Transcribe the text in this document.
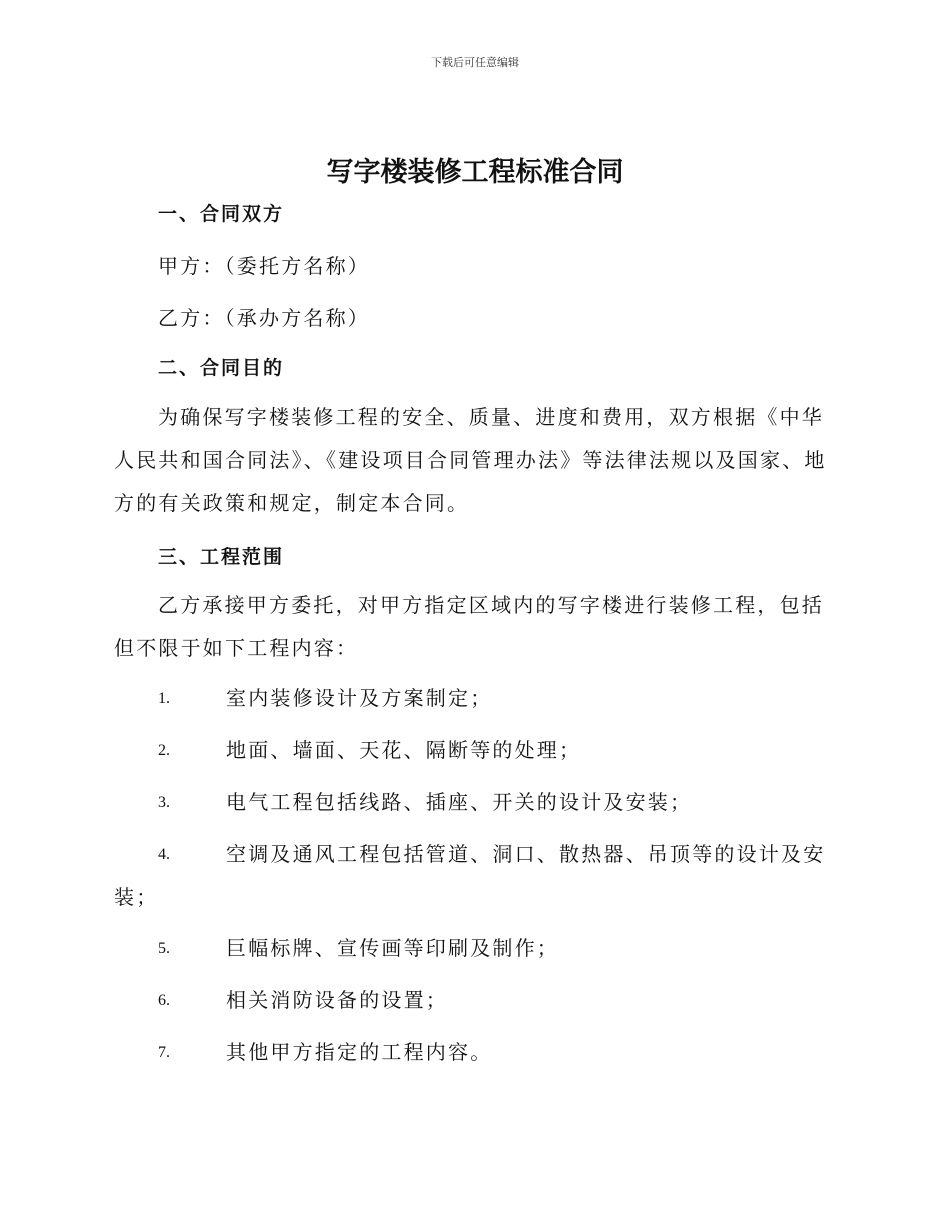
下载后可任意编辑
写字楼装修工程标准合同
一、合同双方
甲方：（委托方名称）
乙方：（承办方名称）
二、合同目的
为确保写字楼装修工程的安全、质量、进度和费用，双方根据《中华人民共和国合同法》、《建设项目合同管理办法》等法律法规以及国家、地方的有关政策和规定，制定本合同。
三、工程范围
乙方承接甲方委托，对甲方指定区域内的写字楼进行装修工程，包括但不限于如下工程内容：
1.	室内装修设计及方案制定；
2.	地面、墙面、天花、隔断等的处理；
3.	电气工程包括线路、插座、开关的设计及安装；
4.	空调及通风工程包括管道、洞口、散热器、吊顶等的设计及安装；
5.	巨幅标牌、宣传画等印刷及制作；
6.	相关消防设备的设置；
7.	其他甲方指定的工程内容。
